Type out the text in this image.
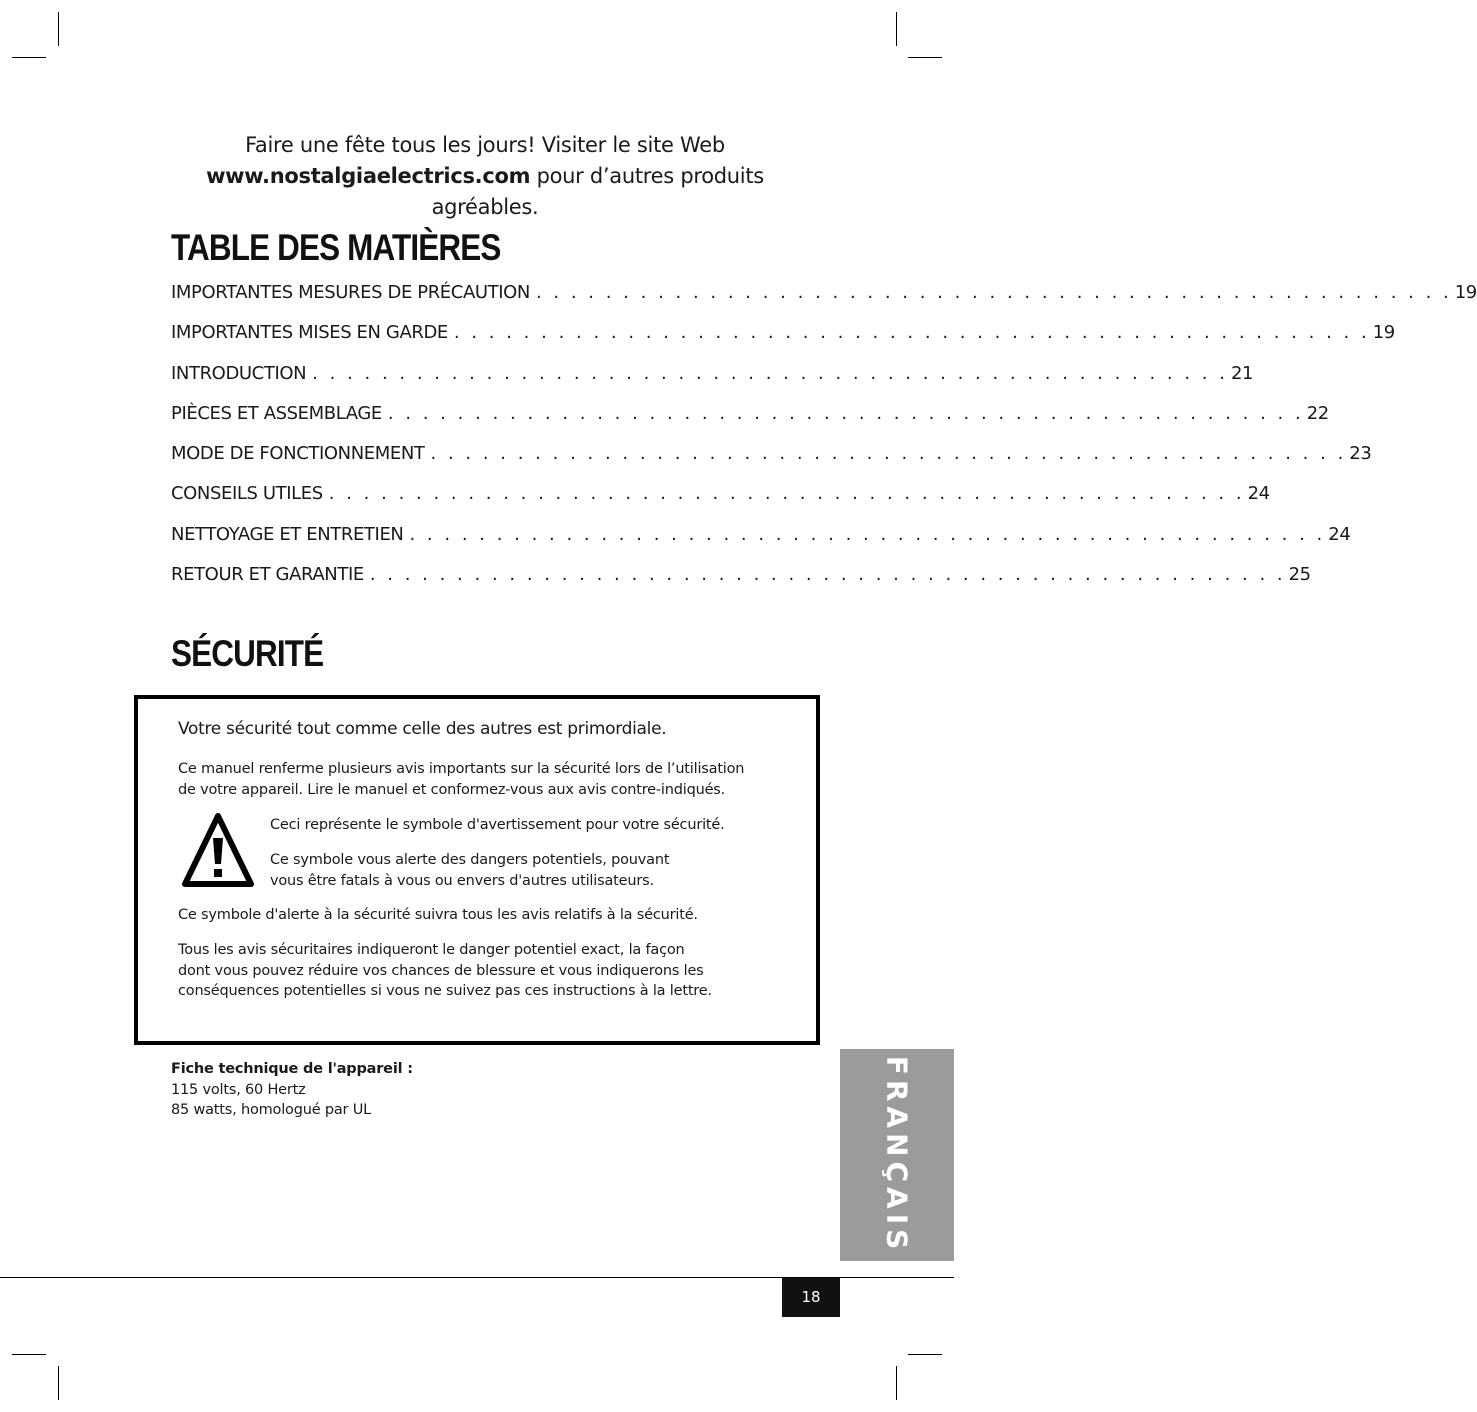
Faire une fête tous les jours! Visiter le site Web

www.nostalgiaelectrics.com pour d’autres produits agréables.

TABLE DES MATIÈRES
IMPORTANTES MESURES DE PRÉCAUTION . . . . . . . . . . . . . . . . . . . . . . . . . . . . . . . . . . . . . . . . . . . . . . . . . . . . . 19
IMPORTANTES MISES EN GARDE . . . . . . . . . . . . . . . . . . . . . . . . . . . . . . . . . . . . . . . . . . . . . . . . . . . . . 19
INTRODUCTION . . . . . . . . . . . . . . . . . . . . . . . . . . . . . . . . . . . . . . . . . . . . . . . . . . . . . 21
PIÈCES ET ASSEMBLAGE . . . . . . . . . . . . . . . . . . . . . . . . . . . . . . . . . . . . . . . . . . . . . . . . . . . . . 22
MODE DE FONCTIONNEMENT . . . . . . . . . . . . . . . . . . . . . . . . . . . . . . . . . . . . . . . . . . . . . . . . . . . . . 23
CONSEILS UTILES . . . . . . . . . . . . . . . . . . . . . . . . . . . . . . . . . . . . . . . . . . . . . . . . . . . . . 24
NETTOYAGE ET ENTRETIEN . . . . . . . . . . . . . . . . . . . . . . . . . . . . . . . . . . . . . . . . . . . . . . . . . . . . . 24
RETOUR ET GARANTIE . . . . . . . . . . . . . . . . . . . . . . . . . . . . . . . . . . . . . . . . . . . . . . . . . . . . . 25
SÉCURITÉ
Votre sécurité tout comme celle des autres est primordiale.
Ce manuel renferme plusieurs avis importants sur la sécurité lors de l’utilisation
de votre appareil. Lire le manuel et conformez-vous aux avis contre-indiqués.
Ceci représente le symbole d'avertissement pour votre sécurité.
Ce symbole vous alerte des dangers potentiels, pouvant
vous être fatals à vous ou envers d'autres utilisateurs.
Ce symbole d'alerte à la sécurité suivra tous les avis relatifs à la sécurité.
Tous les avis sécuritaires indiqueront le danger potentiel exact, la façon
dont vous pouvez réduire vos chances de blessure et vous indiquerons les
conséquences potentielles si vous ne suivez pas ces instructions à la lettre.
Fiche technique de l'appareil :
115 volts, 60 Hertz
85 watts, homologué par UL	FRANÇAIS
18
